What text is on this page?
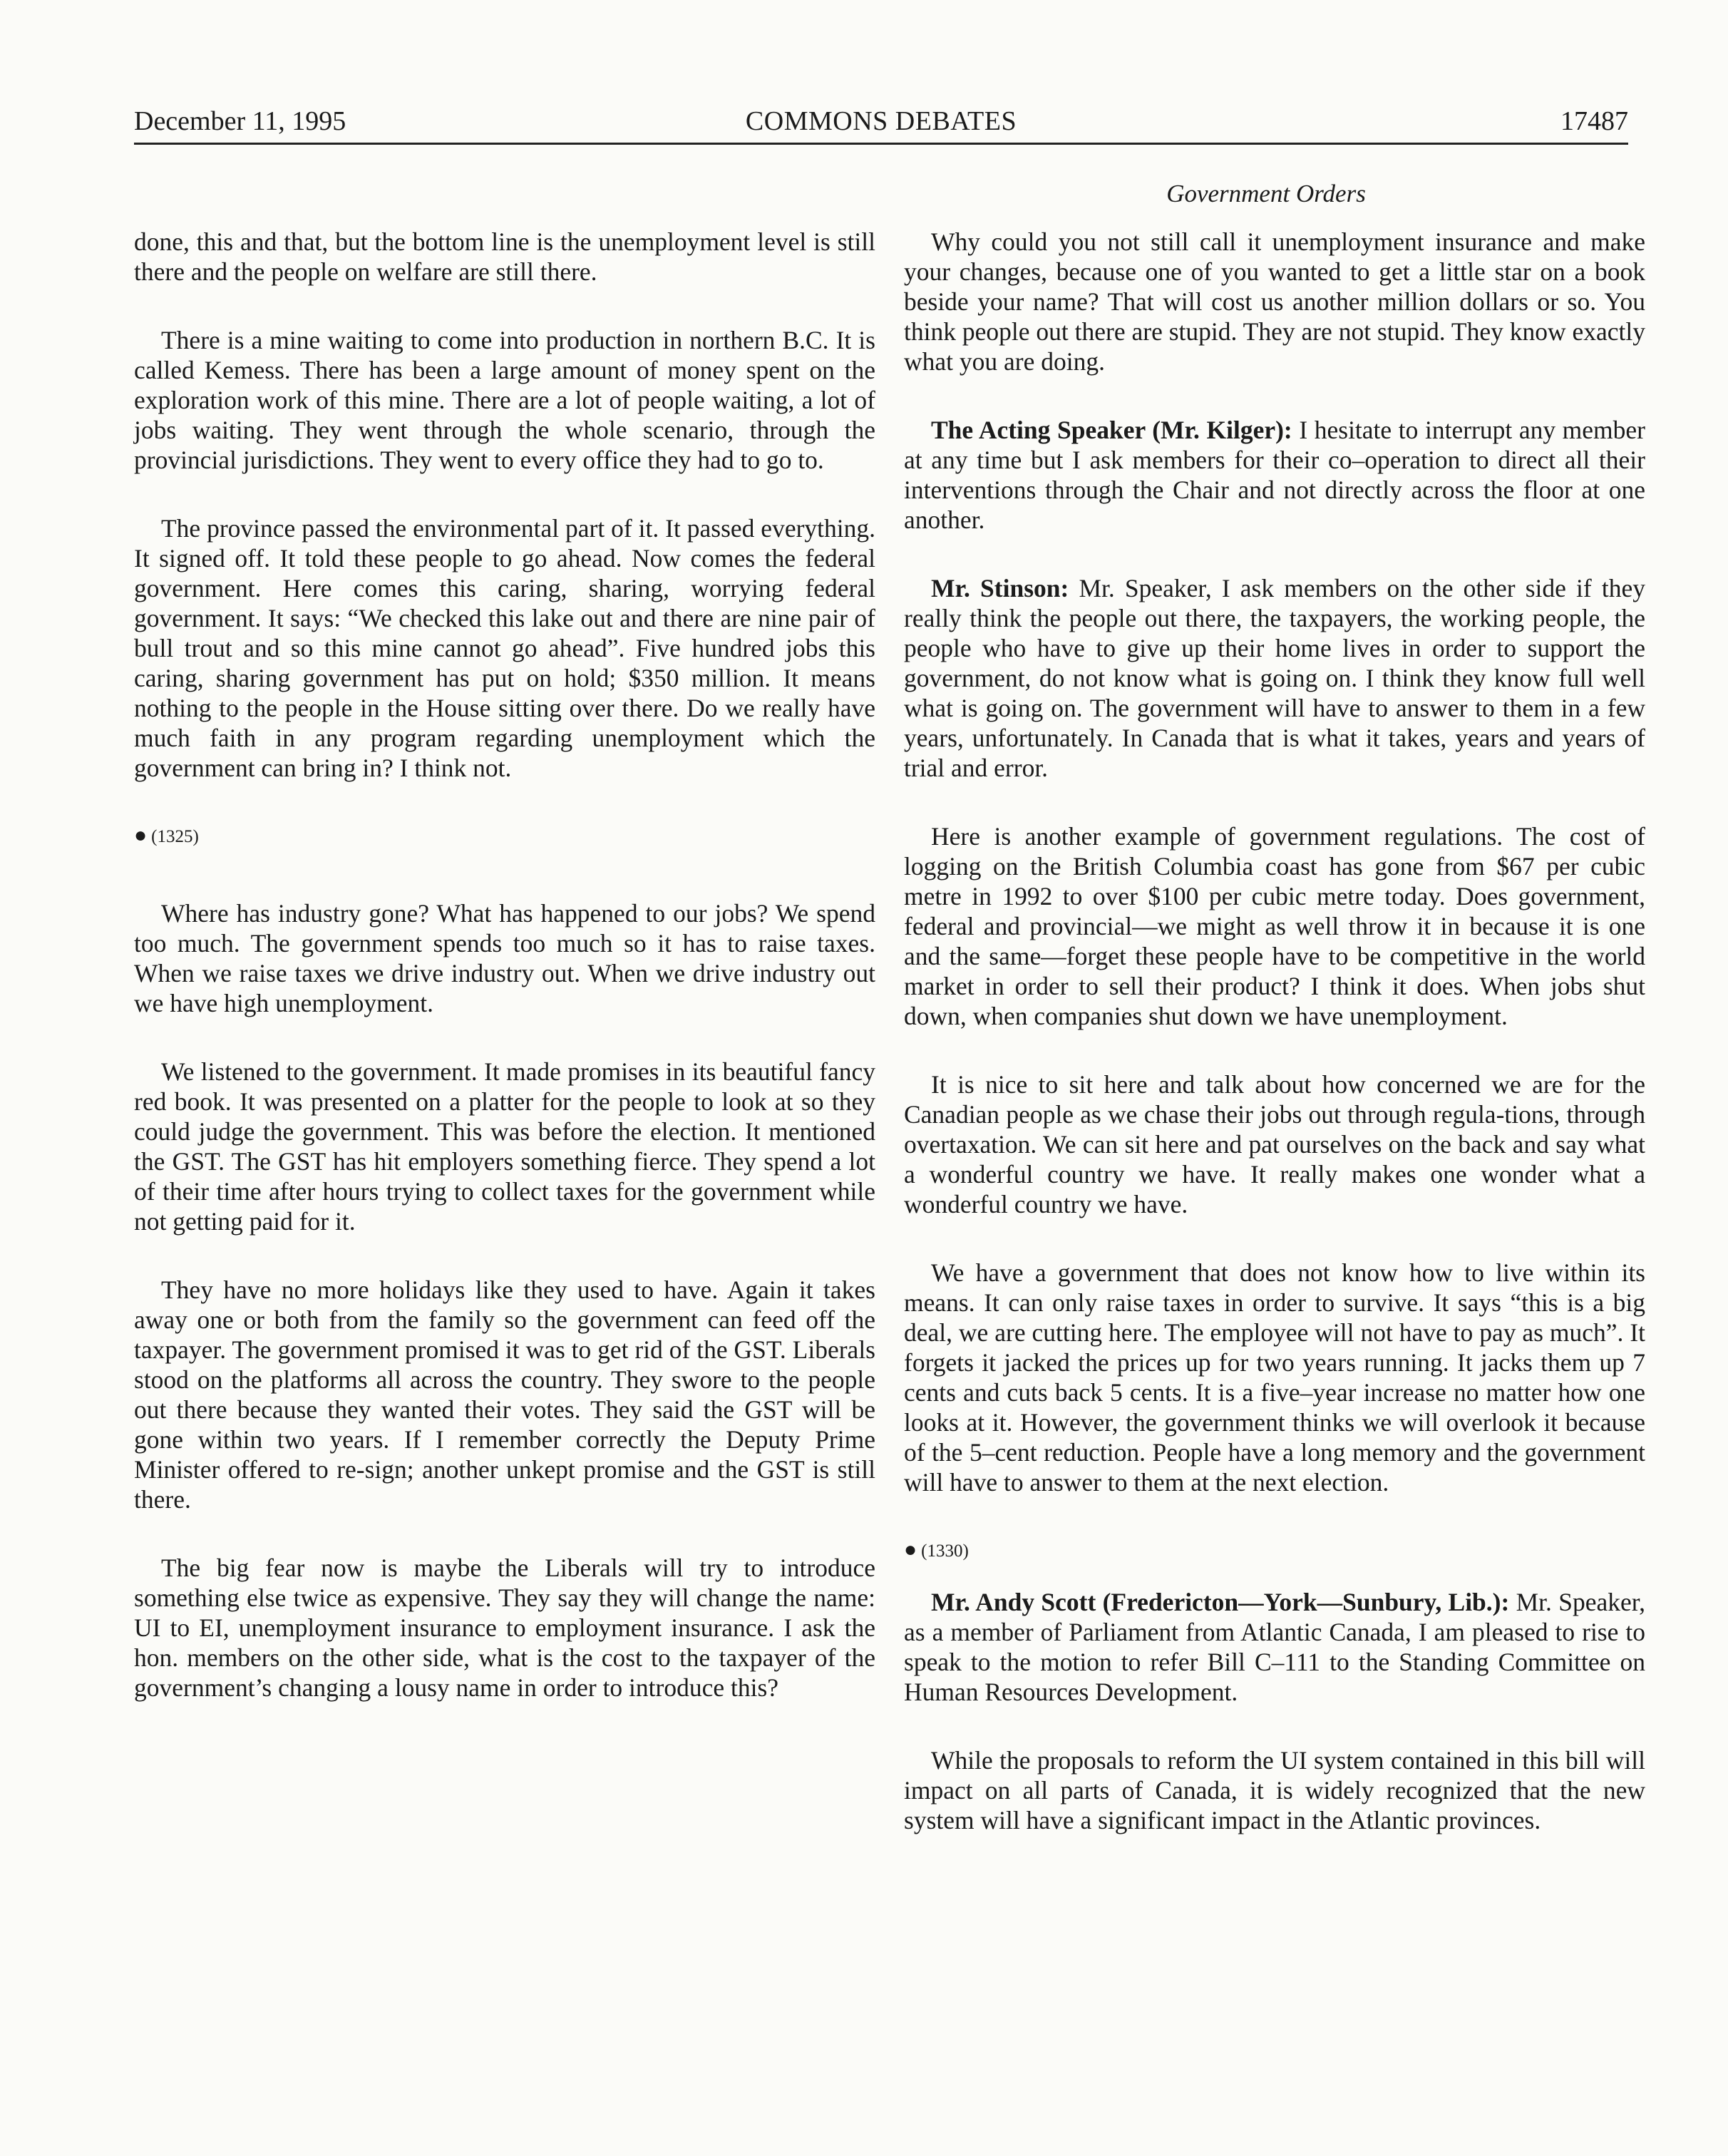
December 11, 1995	COMMONS DEBATES	17487
Government Orders

done, this and that, but the bottom line is the unemployment level is still there and the people on welfare are still there.

There is a mine waiting to come into production in northern B.C. It is called Kemess. There has been a large amount of money spent on the exploration work of this mine. There are a lot of people waiting, a lot of jobs waiting. They went through the whole scenario, through the provincial jurisdictions. They went to every office they had to go to.

The province passed the environmental part of it. It passed everything. It signed off. It told these people to go ahead. Now comes the federal government. Here comes this caring, sharing, worrying federal government. It says: “We checked this lake out and there are nine pair of bull trout and so this mine cannot go ahead”. Five hundred jobs this caring, sharing government has put on hold; $350 million. It means nothing to the people in the House sitting over there. Do we really have much faith in any program regarding unemployment which the government can bring in? I think not.

● (1325)

Where has industry gone? What has happened to our jobs? We spend too much. The government spends too much so it has to raise taxes. When we raise taxes we drive industry out. When we drive industry out we have high unemployment.

We listened to the government. It made promises in its beautiful fancy red book. It was presented on a platter for the people to look at so they could judge the government. This was before the election. It mentioned the GST. The GST has hit employers something fierce. They spend a lot of their time after hours trying to collect taxes for the government while not getting paid for it.

They have no more holidays like they used to have. Again it takes away one or both from the family so the government can feed off the taxpayer. The government promised it was to get rid of the GST. Liberals stood on the platforms all across the country. They swore to the people out there because they wanted their votes. They said the GST will be gone within two years. If I remember correctly the Deputy Prime Minister offered to re-sign; another unkept promise and the GST is still there.

The big fear now is maybe the Liberals will try to introduce something else twice as expensive. They say they will change the name: UI to EI, unemployment insurance to employment insurance. I ask the hon. members on the other side, what is the cost to the taxpayer of the government’s changing a lousy name in order to introduce this?

Why could you not still call it unemployment insurance and make your changes, because one of you wanted to get a little star on a book beside your name? That will cost us another million dollars or so. You think people out there are stupid. They are not stupid. They know exactly what you are doing.

The Acting Speaker (Mr. Kilger): I hesitate to interrupt any member at any time but I ask members for their co–operation to direct all their interventions through the Chair and not directly across the floor at one another.

Mr. Stinson: Mr. Speaker, I ask members on the other side if they really think the people out there, the taxpayers, the working people, the people who have to give up their home lives in order to support the government, do not know what is going on. I think they know full well what is going on. The government will have to answer to them in a few years, unfortunately. In Canada that is what it takes, years and years of trial and error.

Here is another example of government regulations. The cost of logging on the British Columbia coast has gone from $67 per cubic metre in 1992 to over $100 per cubic metre today. Does government, federal and provincial—we might as well throw it in because it is one and the same—forget these people have to be competitive in the world market in order to sell their product? I think it does. When jobs shut down, when companies shut down we have unemployment.

It is nice to sit here and talk about how concerned we are for the Canadian people as we chase their jobs out through regula-tions, through overtaxation. We can sit here and pat ourselves on the back and say what a wonderful country we have. It really makes one wonder what a wonderful country we have.

We have a government that does not know how to live within its means. It can only raise taxes in order to survive. It says “this is a big deal, we are cutting here. The employee will not have to pay as much”. It forgets it jacked the prices up for two years running. It jacks them up 7 cents and cuts back 5 cents. It is a five–year increase no matter how one looks at it. However, the government thinks we will overlook it because of the 5–cent reduction. People have a long memory and the government will have to answer to them at the next election.

● (1330)

Mr. Andy Scott (Fredericton—York—Sunbury, Lib.): Mr. Speaker, as a member of Parliament from Atlantic Canada, I am pleased to rise to speak to the motion to refer Bill C–111 to the Standing Committee on Human Resources Development.

While the proposals to reform the UI system contained in this bill will impact on all parts of Canada, it is widely recognized that the new system will have a significant impact in the Atlantic provinces.
